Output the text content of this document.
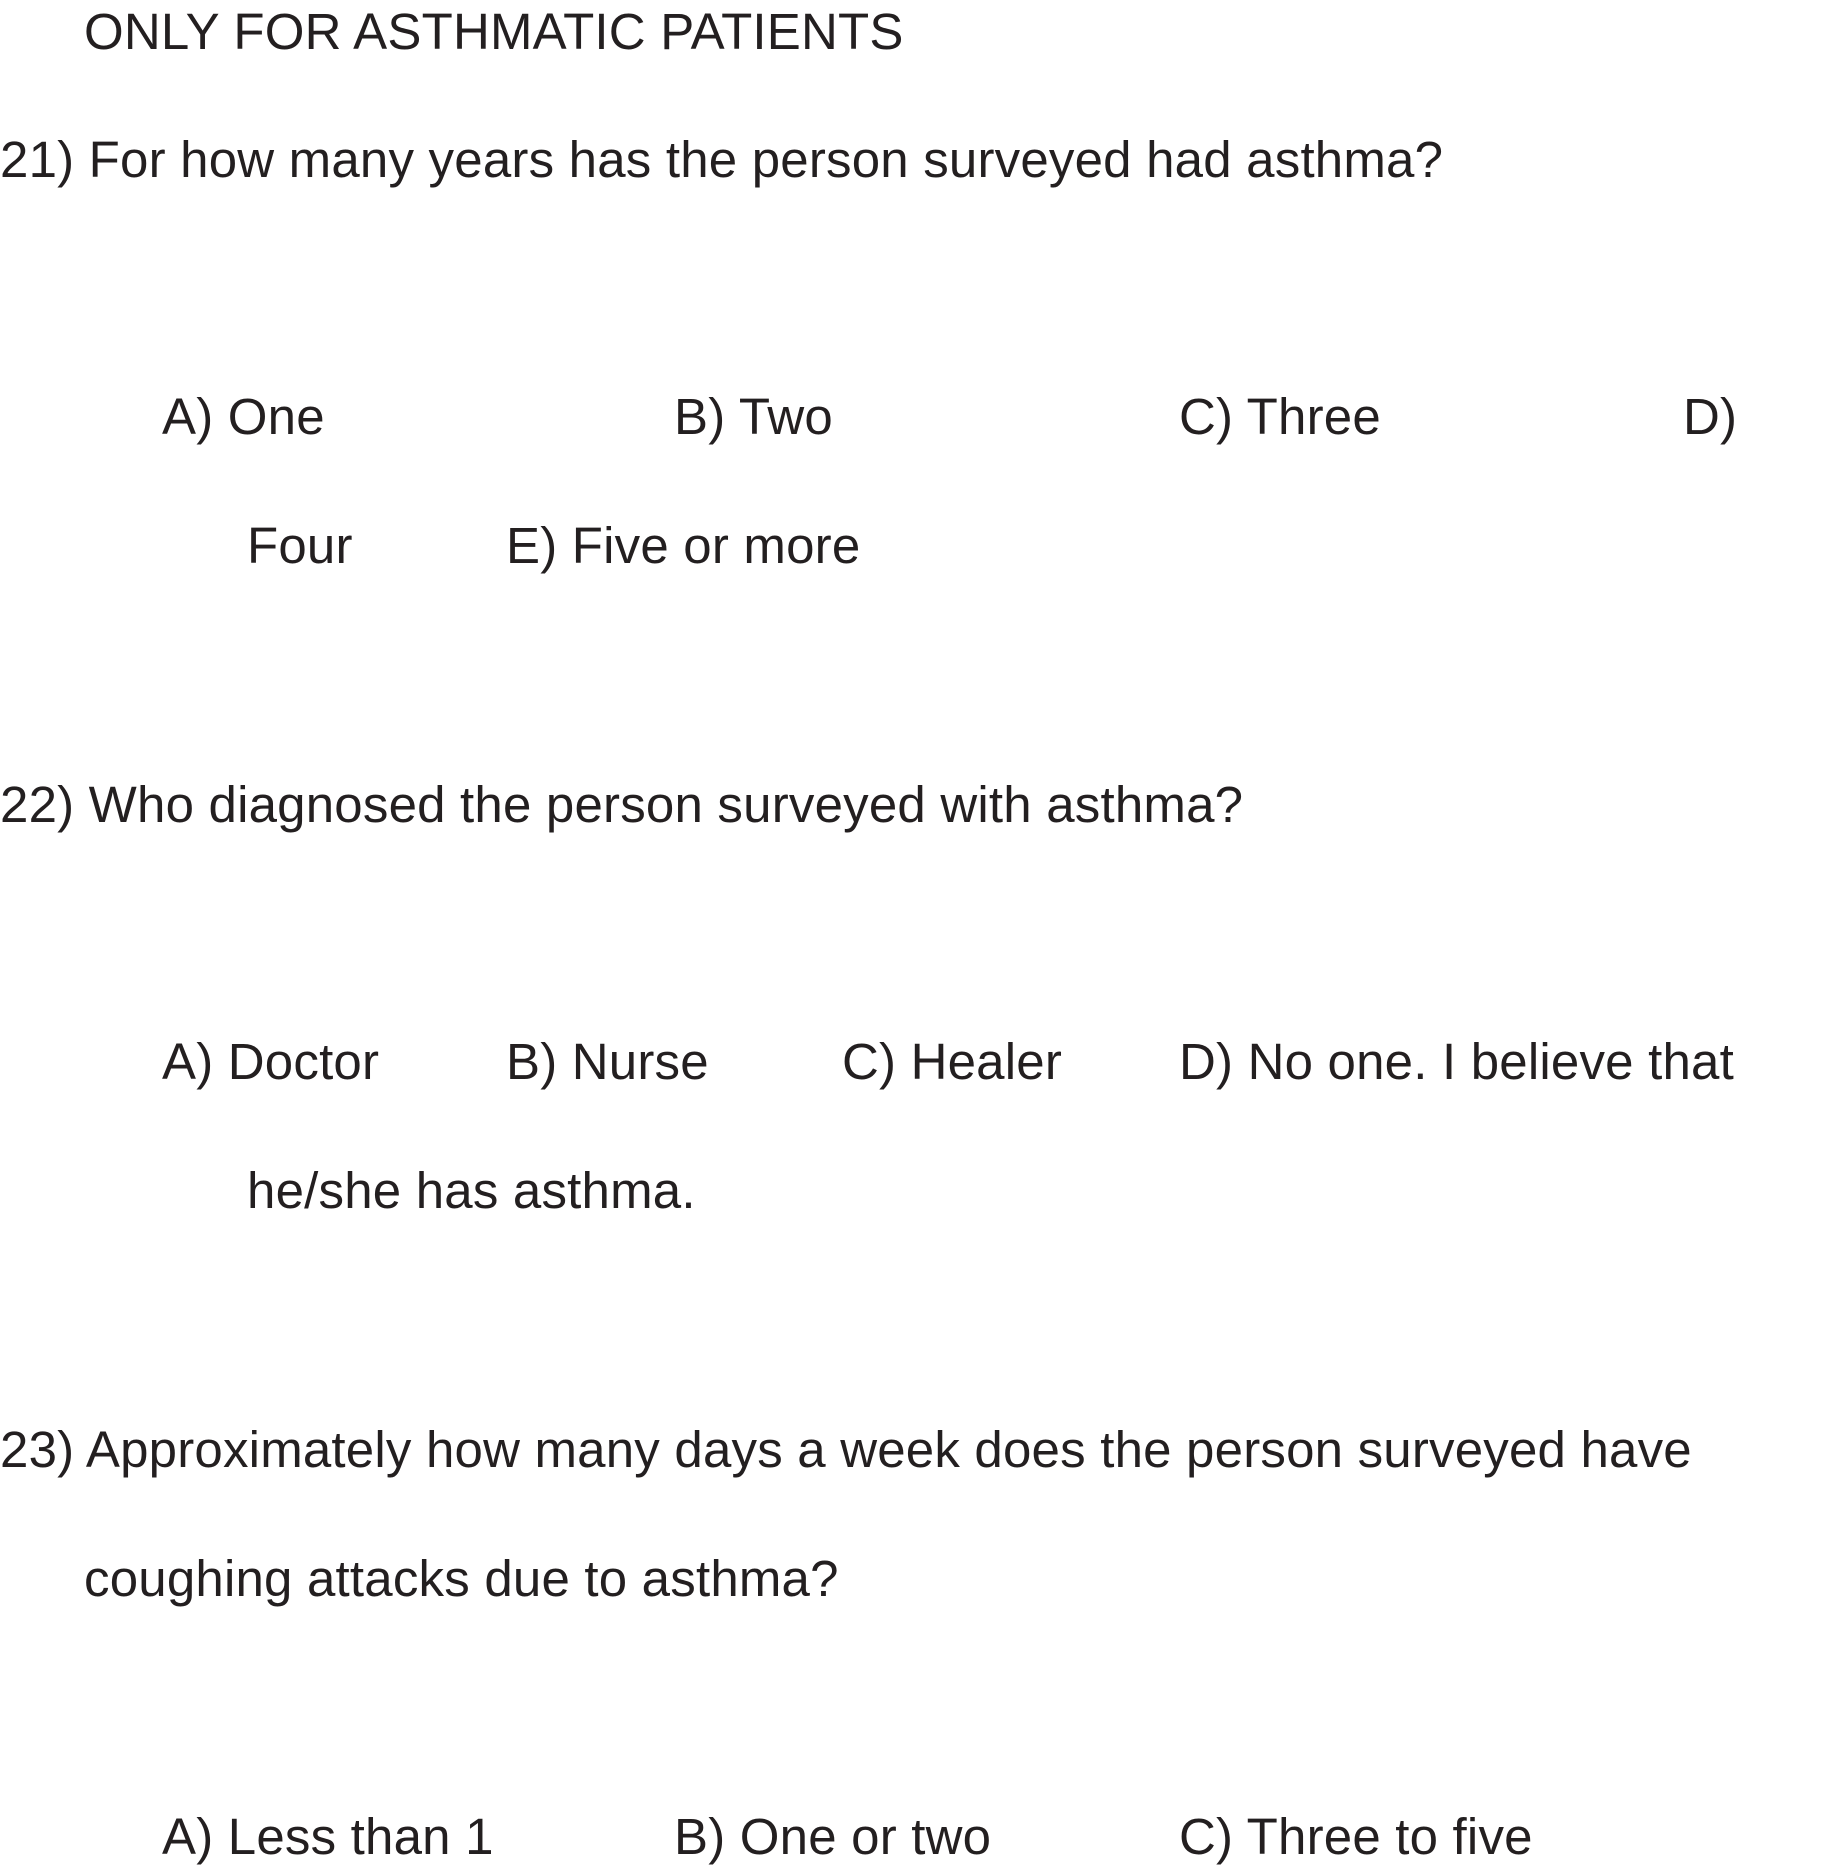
ONLY FOR ASTHMATIC PATIENTS
21) For how many years has the person surveyed had asthma?
A) One	B) Two	C) Three	D)
Four	E) Five or more
22) Who diagnosed the person surveyed with asthma?
A) Doctor B) Nurse	C) Healer D) No one. I believe that
he/she has asthma.
23) Approximately how many days a week does the person surveyed have
coughing attacks due to asthma?
A) Less than 1	B) One or two	C) Three to five
